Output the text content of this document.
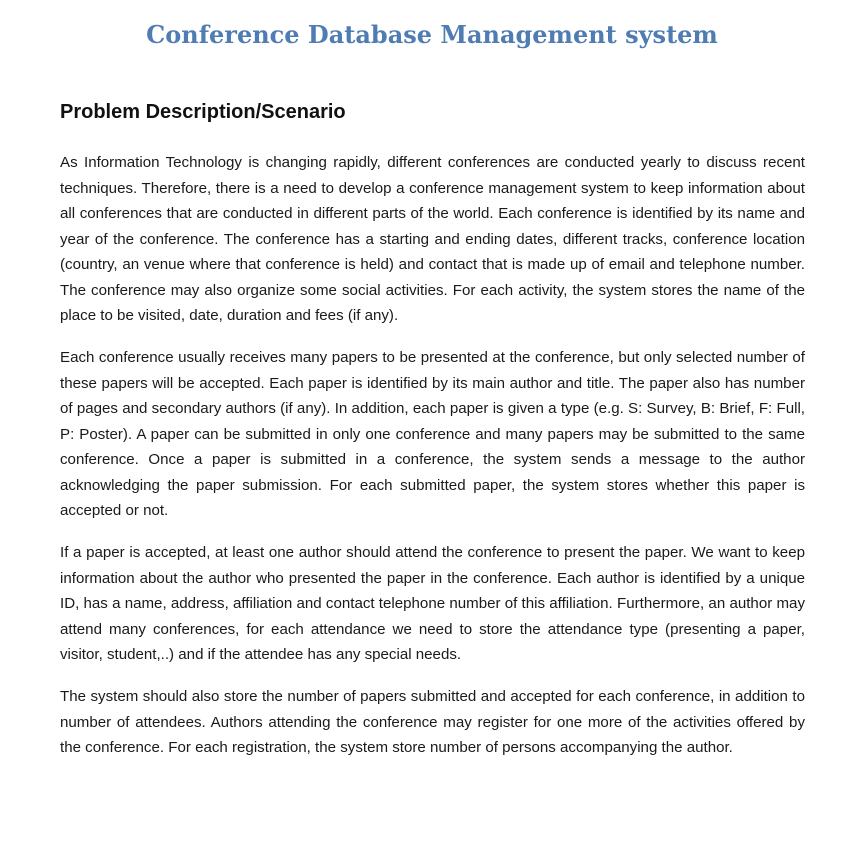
Conference Database Management system
Problem Description/Scenario

As Information Technology is changing rapidly, different conferences are conducted yearly to discuss recent techniques. Therefore, there is a need to develop a conference management system to keep information about all conferences that are conducted in different parts of the world. Each conference is identified by its name and year of the conference. The conference has a starting and ending dates, different tracks, conference location (country, an venue where that conference is held) and contact that is made up of email and telephone number. The conference may also organize some social activities. For each activity, the system stores the name of the place to be visited, date, duration and fees (if any).

Each conference usually receives many papers to be presented at the conference, but only selected number of these papers will be accepted. Each paper is identified by its main author and title. The paper also has number of pages and secondary authors (if any). In addition, each paper is given a type (e.g. S: Survey, B: Brief, F: Full, P: Poster). A paper can be submitted in only one conference and many papers may be submitted to the same conference. Once a paper is submitted in a conference, the system sends a message to the author acknowledging the paper submission. For each submitted paper, the system stores whether this paper is accepted or not.

If a paper is accepted, at least one author should attend the conference to present the paper. We want to keep information about the author who presented the paper in the conference. Each author is identified by a unique ID, has a name, address, affiliation and contact telephone number of this affiliation. Furthermore, an author may attend many conferences, for each attendance we need to store the attendance type (presenting a paper, visitor, student,..) and if the attendee has any special needs.

The system should also store the number of papers submitted and accepted for each conference, in addition to number of attendees. Authors attending the conference may register for one more of the activities offered by the conference. For each registration, the system store number of persons accompanying the author.
